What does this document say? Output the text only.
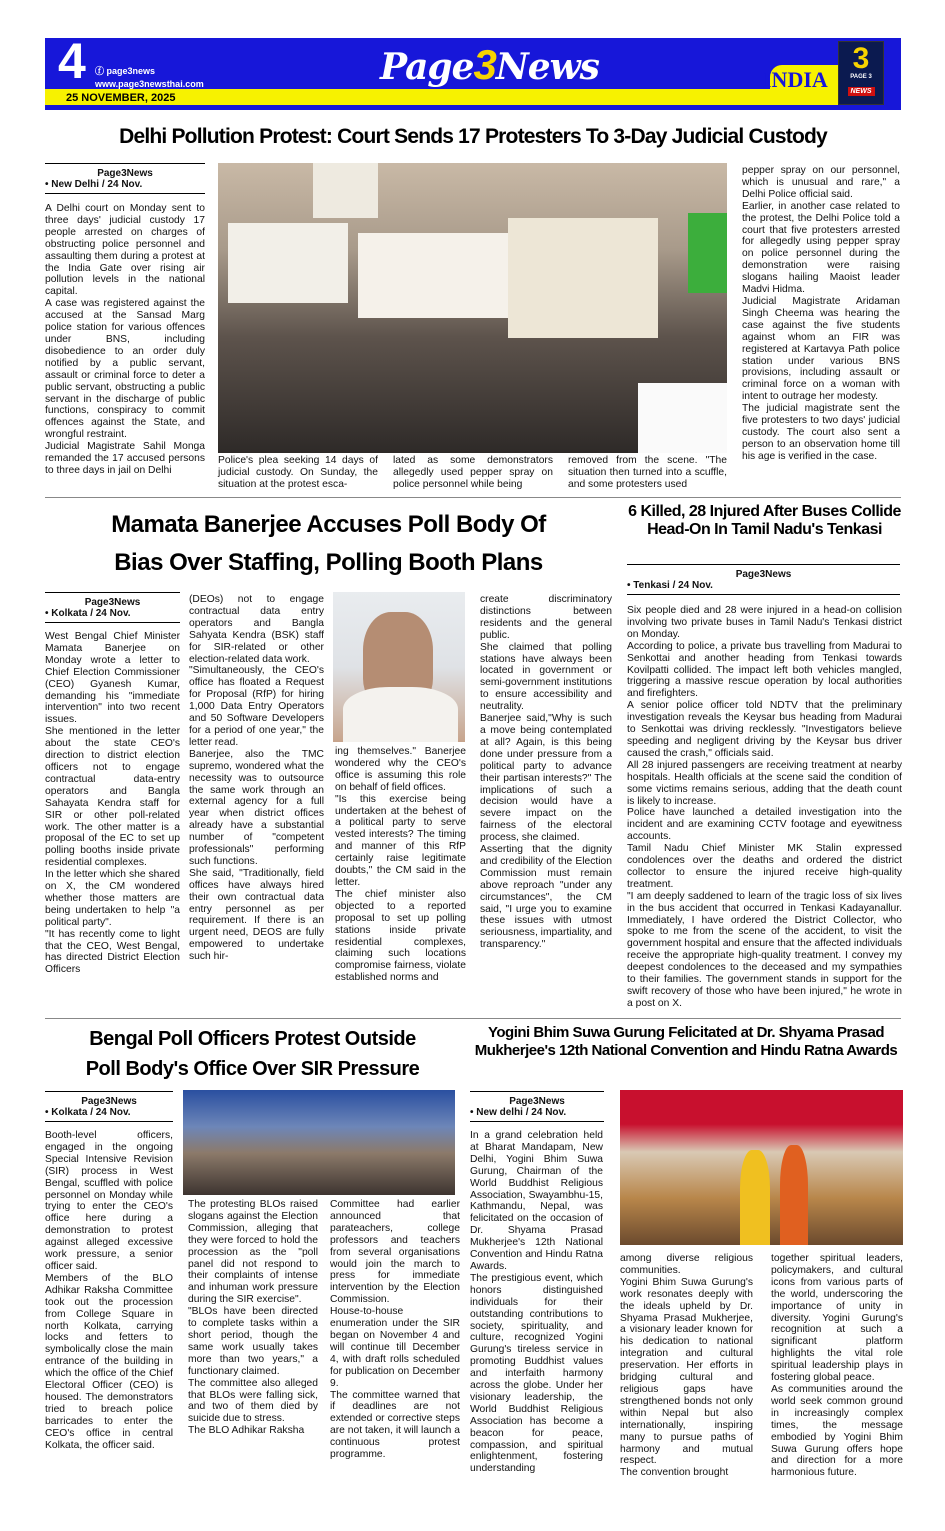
4 ⓕ page3news
www.page3newsthai.com
25 NOVEMBER, 2025
Page3News	INDIA
3
PAGE 3
NEWS
Delhi Pollution Protest: Court Sends 17 Protesters To 3-Day Judicial Custody
Page3News
• New Delhi / 24 Nov.

A Delhi court on Monday sent to three days' judicial custody 17 people arrested on charges of obstructing police personnel and assaulting them during a protest at the India Gate over rising air pollution levels in the national capital.

A case was registered against the accused at the Sansad Marg police station for various offences under BNS, including disobedience to an order duly notified by a public servant, assault or criminal force to deter a public servant, obstructing a public servant in the discharge of public functions, conspiracy to commit offences against the State, and wrongful restraint.

Judicial Magistrate Sahil Monga remanded the 17 accused persons to three days in jail on Delhi

Police's plea seeking 14 days of judicial custody. On Sunday, the situation at the protest esca-
lated as some demonstrators allegedly used pepper spray on police personnel while being
removed from the scene. "The situation then turned into a scuffle, and some protesters used

pepper spray on our personnel, which is unusual and rare," a Delhi Police official said.

Earlier, in another case related to the protest, the Delhi Police told a court that five protesters arrested for allegedly using pepper spray on police personnel during the demonstration were raising slogans hailing Maoist leader Madvi Hidma.

Judicial Magistrate Aridaman Singh Cheema was hearing the case against the five students against whom an FIR was registered at Kartavya Path police station under various BNS provisions, including assault or criminal force on a woman with intent to outrage her modesty.

The judicial magistrate sent the five protesters to two days' judicial custody. The court also sent a person to an observation home till his age is verified in the case.

Mamata Banerjee Accuses Poll Body Of
Bias Over Staffing, Polling Booth Plans
Page3News
• Kolkata / 24 Nov.

West Bengal Chief Minister Mamata Banerjee on Monday wrote a letter to Chief Election Commissioner (CEO) Gyanesh Kumar, demanding his "immediate intervention" into two recent issues.

She mentioned in the letter about the state CEO's direction to district election officers not to engage contractual data-entry operators and Bangla Sahayata Kendra staff for SIR or other poll-related work. The other matter is a proposal of the EC to set up polling booths inside private residential complexes.

In the letter which she shared on X, the CM wondered whether those matters are being undertaken to help "a political party".

"It has recently come to light that the CEO, West Bengal, has directed District Election Officers

(DEOs) not to engage contractual data entry operators and Bangla Sahyata Kendra (BSK) staff for SIR-related or other election-related data work.

"Simultaneously, the CEO's office has floated a Request for Proposal (RfP) for hiring 1,000 Data Entry Operators and 50 Software Developers for a period of one year," the letter read.

Banerjee, also the TMC supremo, wondered what the necessity was to outsource the same work through an external agency for a full year when district offices already have a substantial number of "competent professionals" performing such functions.

She said, "Traditionally, field offices have always hired their own contractual data entry personnel as per requirement. If there is an urgent need, DEOS are fully empowered to undertake such hir-

ing themselves." Banerjee wondered why the CEO's office is assuming this role on behalf of field offices.

"Is this exercise being undertaken at the behest of a political party to serve vested interests? The timing and manner of this RfP certainly raise legitimate doubts," the CM said in the letter.

The chief minister also objected to a reported proposal to set up polling stations inside private residential complexes, claiming such locations compromise fairness, violate established norms and

create discriminatory distinctions between residents and the general public.

She claimed that polling stations have always been located in government or semi-government institutions to ensure accessibility and neutrality.

Banerjee said,"Why is such a move being contemplated at all? Again, is this being done under pressure from a political party to advance their partisan interests?" The implications of such a decision would have a severe impact on the fairness of the electoral process, she claimed.

Asserting that the dignity and credibility of the Election Commission must remain above reproach "under any circumstances", the CM said, "I urge you to examine these issues with utmost seriousness, impartiality, and transparency."

6 Killed, 28 Injured After Buses Collide Head-On In Tamil Nadu's Tenkasi
Page3News
• Tenkasi / 24 Nov.

Six people died and 28 were injured in a head-on collision involving two private buses in Tamil Nadu's Tenkasi district on Monday.

According to police, a private bus travelling from Madurai to Senkottai and another heading from Tenkasi towards Kovilpatti collided. The impact left both vehicles mangled, triggering a massive rescue operation by local authorities and firefighters.

A senior police officer told NDTV that the preliminary investigation reveals the Keysar bus heading from Madurai to Senkottai was driving recklessly. "Investigators believe speeding and negligent driving by the Keysar bus driver caused the crash," officials said.

All 28 injured passengers are receiving treatment at nearby hospitals. Health officials at the scene said the condition of some victims remains serious, adding that the death count is likely to increase.

Police have launched a detailed investigation into the incident and are examining CCTV footage and eyewitness accounts.

Tamil Nadu Chief Minister MK Stalin expressed condolences over the deaths and ordered the district collector to ensure the injured receive high-quality treatment.

"I am deeply saddened to learn of the tragic loss of six lives in the bus accident that occurred in Tenkasi Kadayanallur. Immediately, I have ordered the District Collector, who spoke to me from the scene of the accident, to visit the government hospital and ensure that the affected individuals receive the appropriate high-quality treatment. I convey my deepest condolences to the deceased and my sympathies to their families. The government stands in support for the swift recovery of those who have been injured," he wrote in a post on X.

Bengal Poll Officers Protest Outside
Poll Body's Office Over SIR Pressure
Page3News
• Kolkata / 24 Nov.

Booth-level officers, engaged in the ongoing Special Intensive Revision (SIR) process in West Bengal, scuffled with police personnel on Monday while trying to enter the CEO's office here during a demonstration to protest against alleged excessive work pressure, a senior officer said.

Members of the BLO Adhikar Raksha Committee took out the procession from College Square in north Kolkata, carrying locks and fetters to symbolically close the main entrance of the building in which the office of the Chief Electoral Officer (CEO) is housed. The demonstrators tried to breach police barricades to enter the CEO's office in central Kolkata, the officer said.

The protesting BLOs raised slogans against the Election Commission, alleging that they were forced to hold the procession as the "poll panel did not respond to their complaints of intense and inhuman work pressure during the SIR exercise".

"BLOs have been directed to complete tasks within a short period, though the same work usually takes more than two years," a functionary claimed.

The committee also alleged that BLOs were falling sick, and two of them died by suicide due to stress.

The BLO Adhikar Raksha

Committee had earlier announced that parateachers, college professors and teachers from several organisations would join the march to press for immediate intervention by the Election Commission.

House-to-house enumeration under the SIR began on November 4 and will continue till December 4, with draft rolls scheduled for publication on December 9.

The committee warned that if deadlines are not extended or corrective steps are not taken, it will launch a continuous protest programme.

Yogini Bhim Suwa Gurung Felicitated at Dr. Shyama Prasad Mukherjee's 12th National Convention and Hindu Ratna Awards
Page3News
• New delhi / 24 Nov.

In a grand celebration held at Bharat Mandapam, New Delhi, Yogini Bhim Suwa Gurung, Chairman of the World Buddhist Religious Association, Swayambhu-15, Kathmandu, Nepal, was felicitated on the occasion of Dr. Shyama Prasad Mukherjee's 12th National Convention and Hindu Ratna Awards.

The prestigious event, which honors distinguished individuals for their outstanding contributions to society, spirituality, and culture, recognized Yogini Gurung's tireless service in promoting Buddhist values and interfaith harmony across the globe. Under her visionary leadership, the World Buddhist Religious Association has become a beacon for peace, compassion, and spiritual enlightenment, fostering understanding

among diverse religious communities.

Yogini Bhim Suwa Gurung's work resonates deeply with the ideals upheld by Dr. Shyama Prasad Mukherjee, a visionary leader known for his dedication to national integration and cultural preservation. Her efforts in bridging cultural and religious gaps have strengthened bonds not only within Nepal but also internationally, inspiring many to pursue paths of harmony and mutual respect.

The convention brought

together spiritual leaders, policymakers, and cultural icons from various parts of the world, underscoring the importance of unity in diversity. Yogini Gurung's recognition at such a significant platform highlights the vital role spiritual leadership plays in fostering global peace.

As communities around the world seek common ground in increasingly complex times, the message embodied by Yogini Bhim Suwa Gurung offers hope and direction for a more harmonious future.
